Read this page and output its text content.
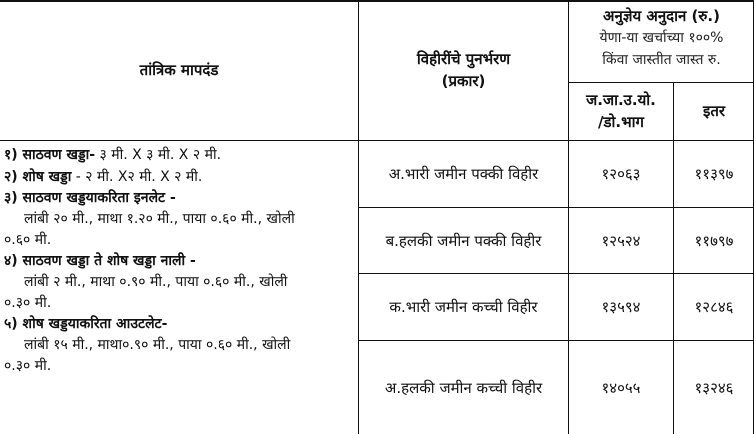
तांत्रिक मापदंड
विहीरींचे पुनर्भरण
(प्रकार)
अनुज्ञेय अनुदान (रु.)
येणा-या खर्चाच्या १००%
किंवा जास्तीत जास्त रु.
ज.जा.उ.यो.
/डो.भाग
इतर
१) साठवण खड्डा- ३ मी. X ३ मी. X २ मी.
२) शोष खड्डा - २ मी. X२ मी. X २ मी.
३) साठवण खड्डयाकरिता इनलेट -
लांबी २० मी., माथा १.२० मी., पाया ०.६० मी., खोली
०.६० मी.
४) साठवण खड्डा ते शोष खड्डा नाली -
लांबी २ मी., माथा ०.९० मी., पाया ०.६० मी., खोली
०.३० मी.
५) शोष खड्डयाकरिता आउटलेट-
लांबी १५ मी., माथा०.९० मी., पाया ०.६० मी., खोली
०.३० मी.
अ.भारी जमीन पक्की विहीर	१२०६३	११३९७
ब.हलकी जमीन पक्की विहीर	१२५२४	११७९७
क.भारी जमीन कच्ची विहीर	१३५९४	१२८४६
अ.हलकी जमीन कच्ची विहीर	१४०५५	१३२४६
